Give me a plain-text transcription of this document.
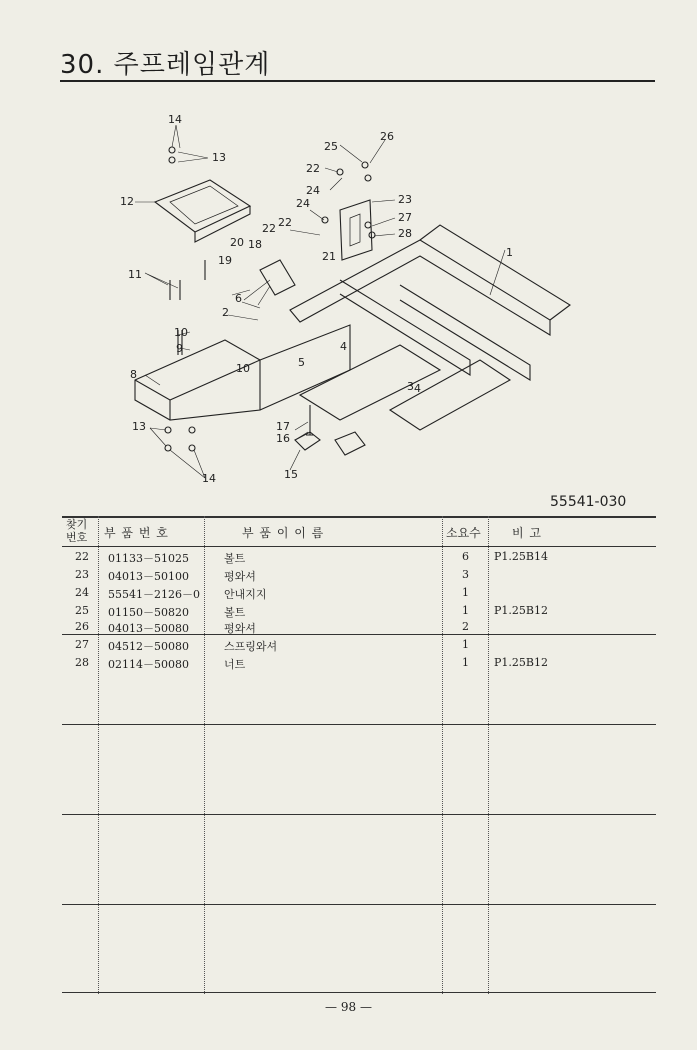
30. 주프레임관계
14
13
12
11
10
9
8	10
13
14
25
26
22
24
23
24
22
22
27
28
20 18
19	21	1
6
2
4
5
3 4
17
16
15
55541-030
찾기
번호 부 품 번 호	부 품 이 이 름	소요수	비 고
22 01133－51025	볼트	6 P1.25B14
23 04013－50100	평와셔	3
24 55541－2126－0 안내지지	1
25 01150－50820	볼트	1 P1.25B12
26 04013－50080	평와셔	2
27 04512－50080	스프링와셔	1
28 02114－50080	너트	1 P1.25B12
— 98 —
